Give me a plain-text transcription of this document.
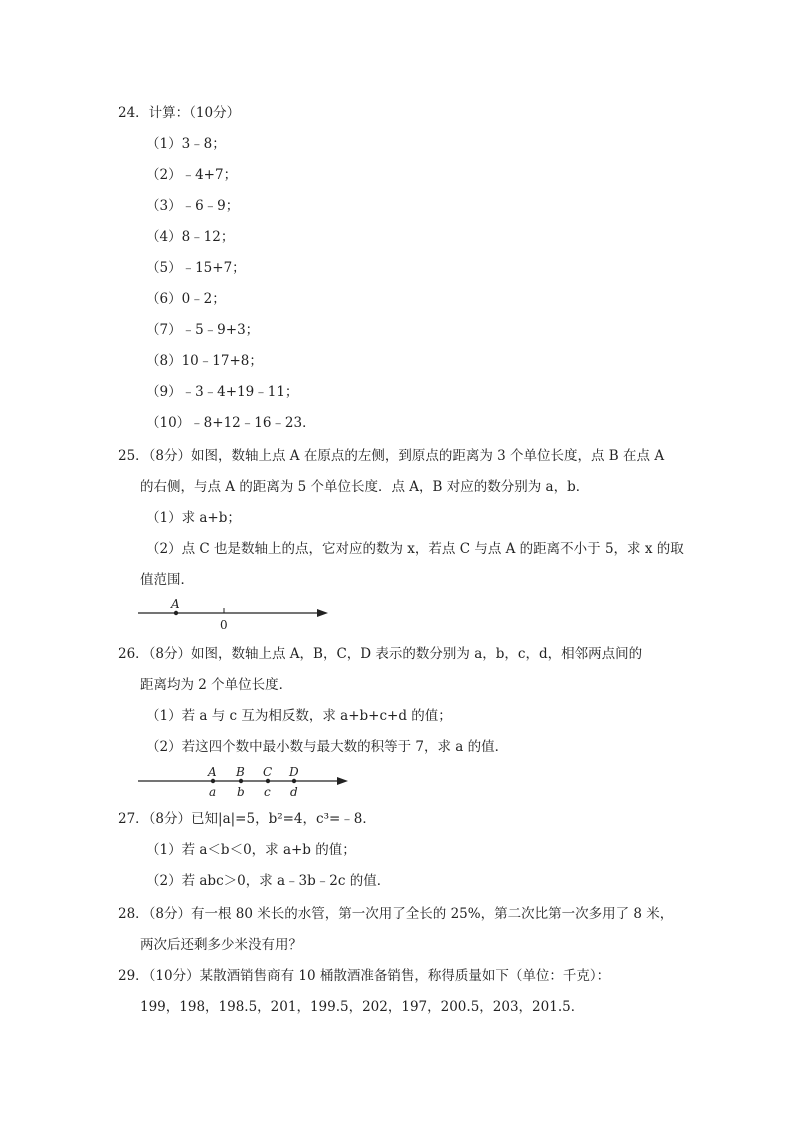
24．计算：（10分）
（1）3﹣8；
（2）﹣4+7；
（3）﹣6﹣9；
（4）8﹣12；
（5）﹣15+7；
（6）0﹣2；
（7）﹣5﹣9+3；
（8）10﹣17+8；
（9）﹣3﹣4+19﹣11；
（10）﹣8+12﹣16﹣23．
25．（8分）如图，数轴上点 A 在原点的左侧，到原点的距离为 3 个单位长度，点 B 在点 A
的右侧，与点 A 的距离为 5 个单位长度．点 A，B 对应的数分别为 a，b．
（1）求 a+b；
（2）点 C 也是数轴上的点，它对应的数为 x，若点 C 与点 A 的距离不小于 5，求 x 的取
值范围．
A
0
26．（8分）如图，数轴上点 A，B，C，D 表示的数分别为 a，b，c，d，相邻两点间的
距离均为 2 个单位长度．
（1）若 a 与 c 互为相反数，求 a+b+c+d 的值；
（2）若这四个数中最小数与最大数的积等于 7，求 a 的值．
A B C D
a b c d
27．（8分）已知|a|=5，b²=4，c³=﹣8．
（1）若 a＜b＜0，求 a+b 的值；
（2）若 abc＞0，求 a﹣3b﹣2c 的值．
28．（8分）有一根 80 米长的水管，第一次用了全长的 25%，第二次比第一次多用了 8 米，
两次后还剩多少米没有用？
29．（10分）某散酒销售商有 10 桶散酒准备销售，称得质量如下（单位：千克）：
199，198，198.5，201，199.5，202，197，200.5，203，201.5．
